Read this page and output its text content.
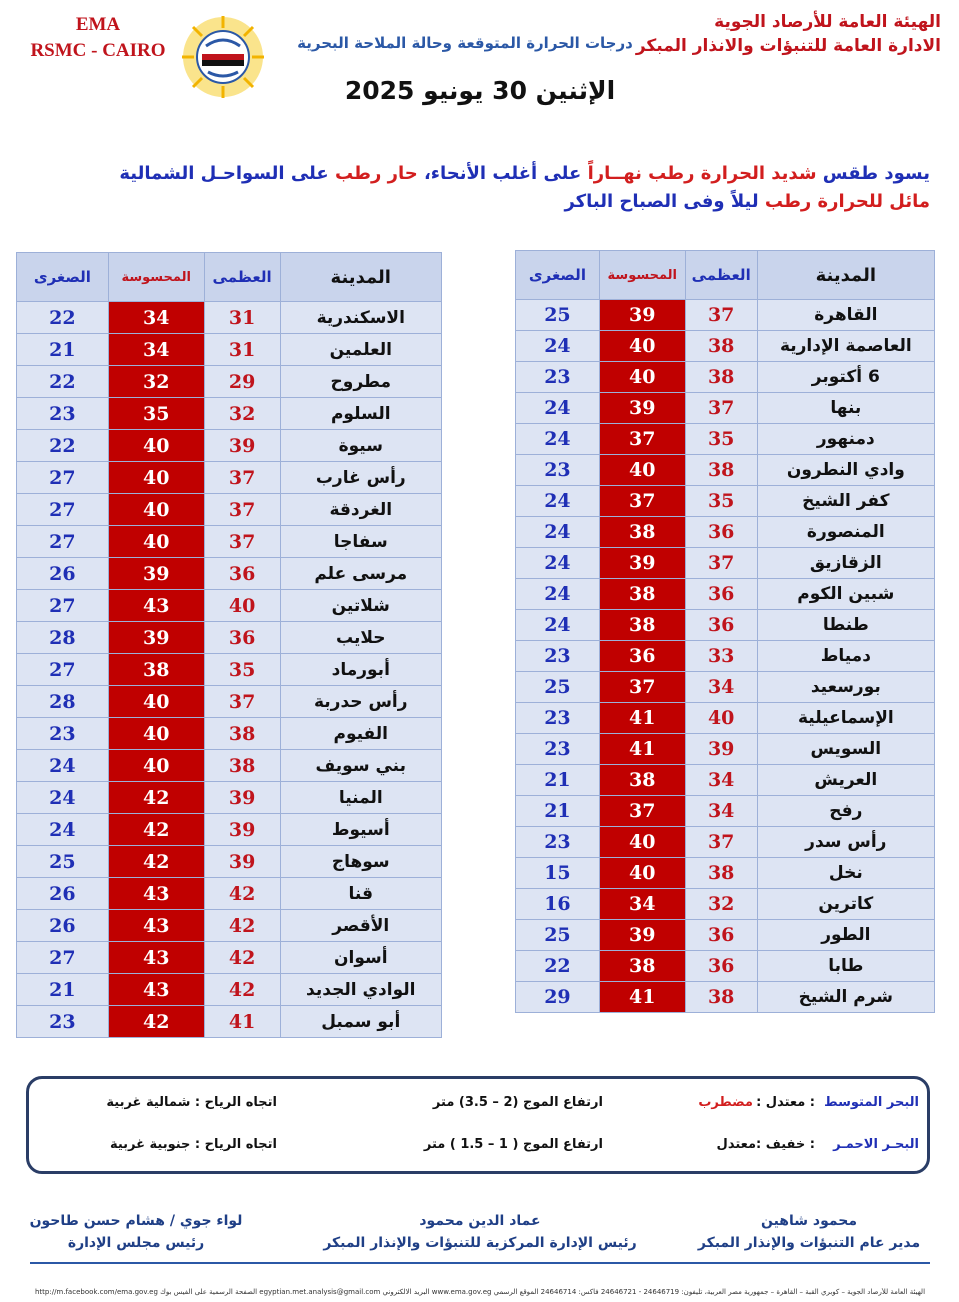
الهيئة العامة للأرصاد الجوية
الادارة العامة للتنبؤات والانذار المبكر
EMA
RSMC - CAIRO	درجات الحرارة المتوقعة وحالة الملاحة البحرية
الإثنين 30 يونيو 2025
يسود طقس شديد الحرارة رطب نهــاراً على أغلب الأنحاء، حار رطب على السواحـل الشمالية
مائل للحرارة رطب ليلاً وفى الصباح الباكر
المدينة	العظمى	المحسوسة	الصغرى
القاهرة	37	39	25
العاصمة الإدارية	38	40	24
6 أكتوبر	38	40	23
بنها	37	39	24
دمنهور	35	37	24
وادي النطرون	38	40	23
كفر الشيخ	35	37	24
المنصورة	36	38	24
الزقازيق	37	39	24
شبين الكوم	36	38	24
طنطا	36	38	24
دمياط	33	36	23
بورسعيد	34	37	25
الإسماعيلية	40	41	23
السويس	39	41	23
العريش	34	38	21
رفح	34	37	21
رأس سدر	37	40	23
نخل	38	40	15
كاترين	32	34	16
الطور	36	39	25
طابا	36	38	22
شرم الشيخ	38	41	29
المدينة	العظمى	المحسوسة	الصغرى
الاسكندرية	31	34	22
العلمين	31	34	21
مطروح	29	32	22
السلوم	32	35	23
سيوة	39	40	22
رأس غارب	37	40	27
الغردقة	37	40	27
سفاجا	37	40	27
مرسى علم	36	39	26
شلاتين	40	43	27
حلايب	36	39	28
أبورماد	35	38	27
رأس حدربة	37	40	28
الفيوم	38	40	23
بني سويف	38	40	24
المنيا	39	42	24
أسيوط	39	42	24
سوهاج	39	42	25
قنا	42	43	26
الأقصر	42	43	26
أسوان	42	43	27
الوادي الجديد	42	43	21
أبو سمبل	41	42	23
البحر المتوسط
: معتدل :
مضطرب
ارتفاع الموج (2 – 3.5) متر
اتجاه الرياح : شمالية غربية
البحـر الاحمـر
: خفيف :معتدل
ارتفاع الموج ( 1 – 1.5 ) متر
اتجاه الرياح : جنوبية غربية
محمود شاهين
مدير عام التنبؤات والإنذار المبكر
عماد الدين محمود
رئيس الإدارة المركزية للتنبؤات والإنذار المبكر
لواء جوي / هشام حسن طاحون
رئيس مجلس الإدارة
الهيئة العامة للأرصاد الجوية – كوبري القبة – القاهرة – جمهورية مصر العربية، تليفون: 24646719 - 24646721 فاكس: 24646714 الموقع الرسمي www.ema.gov.eg البريد الالكتروني egyptian.met.analysis@gmail.com الصفحة الرسمية على الفيس بوك http://m.facebook.com/ema.gov.eg
